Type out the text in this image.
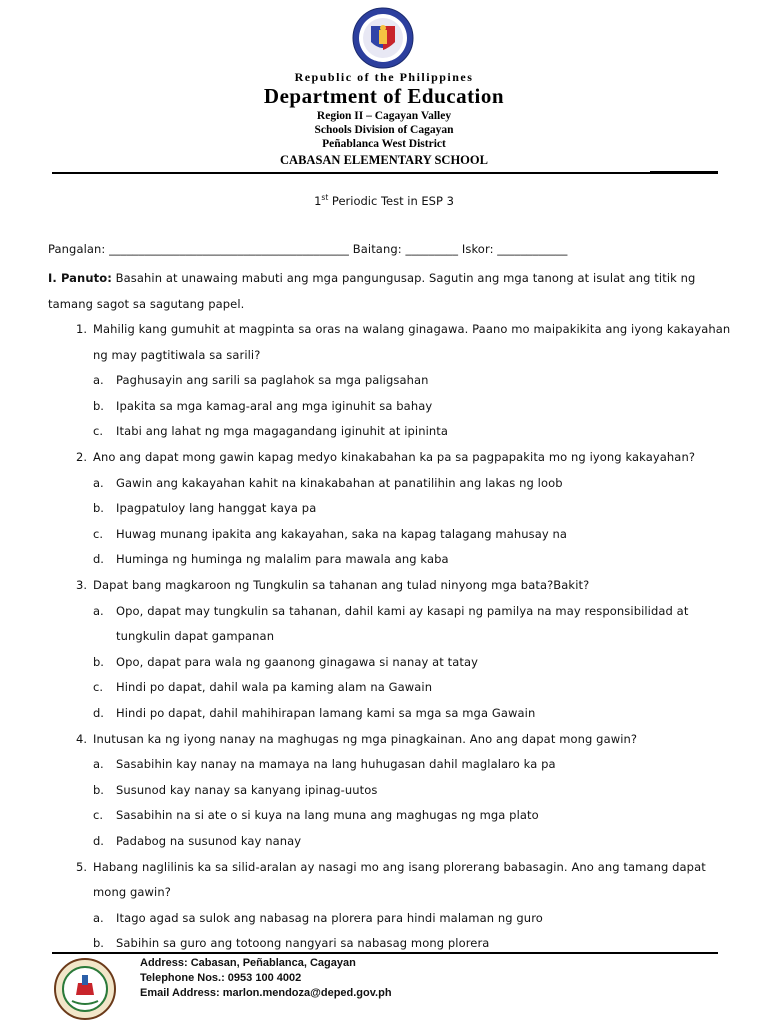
Republic of the Philippines
Department of Education
Region II – Cagayan Valley
Schools Division of Cagayan
Peñablanca West District
CABASAN ELEMENTARY SCHOOL
1st Periodic Test in ESP 3
Pangalan: _________________________________________ Baitang: _________ Iskor: ____________
I. Panuto: Basahin at unawaing mabuti ang mga pangungusap. Sagutin ang mga tanong at isulat ang titik ng
tamang sagot sa sagutang papel.
1. Mahilig kang gumuhit at magpinta sa oras na walang ginagawa. Paano mo maipakikita ang iyong kakayahan
ng may pagtitiwala sa sarili?
a. Paghusayin ang sarili sa paglahok sa mga paligsahan
b. Ipakita sa mga kamag-aral ang mga iginuhit sa bahay
c. Itabi ang lahat ng mga magagandang iginuhit at ipininta
2. Ano ang dapat mong gawin kapag medyo kinakabahan ka pa sa pagpapakita mo ng iyong kakayahan?
a. Gawin ang kakayahan kahit na kinakabahan at panatilihin ang lakas ng loob
b. Ipagpatuloy lang hanggat kaya pa
c. Huwag munang ipakita ang kakayahan, saka na kapag talagang mahusay na
d. Huminga ng huminga ng malalim para mawala ang kaba
3. Dapat bang magkaroon ng Tungkulin sa tahanan ang tulad ninyong mga bata?Bakit?
a. Opo, dapat may tungkulin sa tahanan, dahil kami ay kasapi ng pamilya na may responsibilidad at
tungkulin dapat gampanan
b. Opo, dapat para wala ng gaanong ginagawa si nanay at tatay
c. Hindi po dapat, dahil wala pa kaming alam na Gawain
d. Hindi po dapat, dahil mahihirapan lamang kami sa mga sa mga Gawain
4. Inutusan ka ng iyong nanay na maghugas ng mga pinagkainan. Ano ang dapat mong gawin?
a. Sasabihin kay nanay na mamaya na lang huhugasan dahil maglalaro ka pa
b. Susunod kay nanay sa kanyang ipinag-uutos
c. Sasabihin na si ate o si kuya na lang muna ang maghugas ng mga plato
d. Padabog na susunod kay nanay
5. Habang naglilinis ka sa silid-aralan ay nasagi mo ang isang plorerang babasagin. Ano ang tamang dapat
mong gawin?
a. Itago agad sa sulok ang nabasag na plorera para hindi malaman ng guro
b. Sabihin sa guro ang totoong nangyari sa nabasag mong plorera
Address: Cabasan, Peñablanca, Cagayan
Telephone Nos.: 0953 100 4002
Email Address: marlon.mendoza@deped.gov.ph
